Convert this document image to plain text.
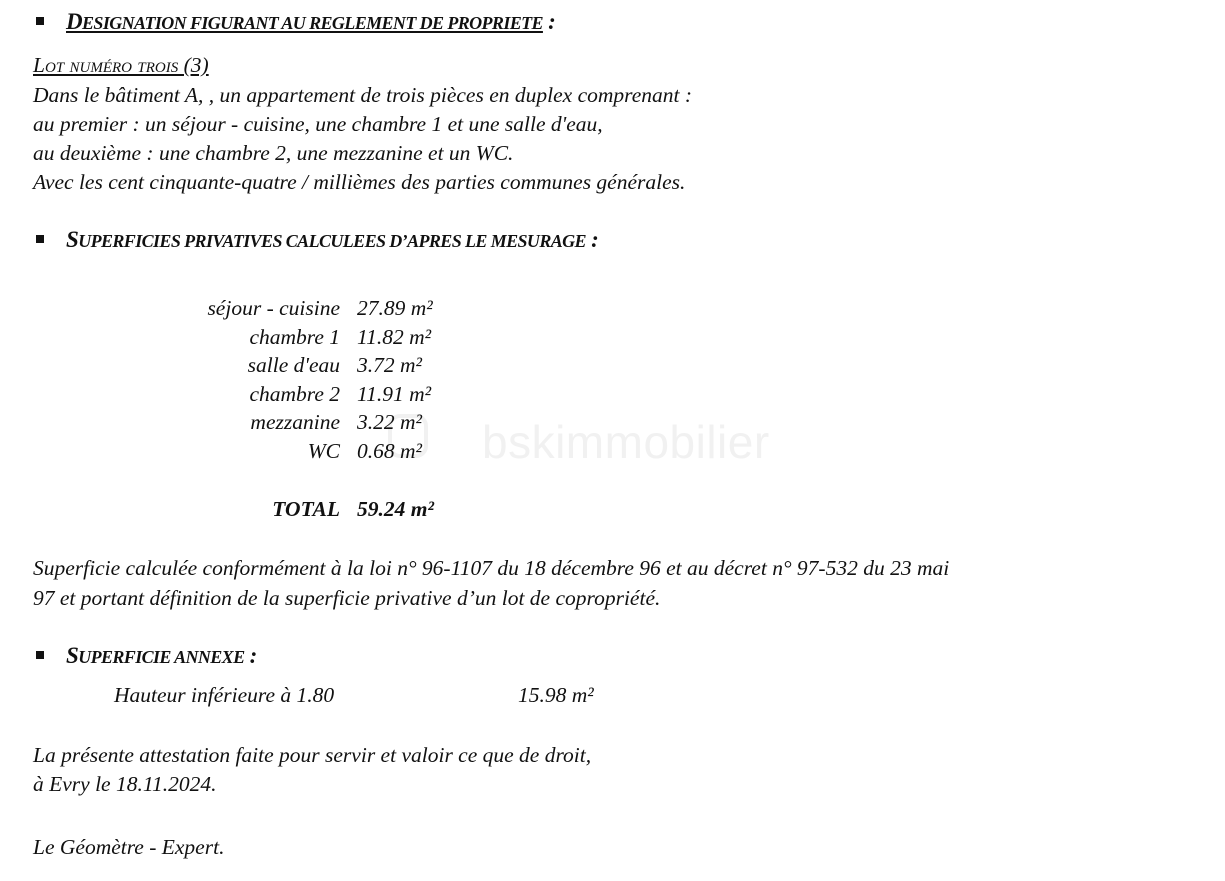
bskimmobilier
DESIGNATION FIGURANT AU REGLEMENT DE PROPRIETE :
Lot numéro trois (3)
Dans le bâtiment A, , un appartement de trois pièces en duplex comprenant :
au premier : un séjour - cuisine, une chambre 1 et une salle d'eau,
au deuxième : une chambre 2, une mezzanine et un WC.
Avec les cent cinquante-quatre / millièmes des parties communes générales.
SUPERFICIES PRIVATIVES CALCULEES D’APRES LE MESURAGE :
séjour - cuisine 27.89 m²
chambre 1 11.82 m²
salle d'eau 3.72 m²
chambre 2 11.91 m²
mezzanine 3.22 m²
WC 0.68 m²
TOTAL 59.24 m²
Superficie calculée conformément à la loi n° 96-1107 du 18 décembre 96 et au décret n° 97-532 du 23 mai
97 et portant définition de la superficie privative d’un lot de copropriété.
SUPERFICIE ANNEXE :
Hauteur inférieure à 1.80	15.98 m²
La présente attestation faite pour servir et valoir ce que de droit,
à Evry le 18.11.2024.
Le Géomètre - Expert.
